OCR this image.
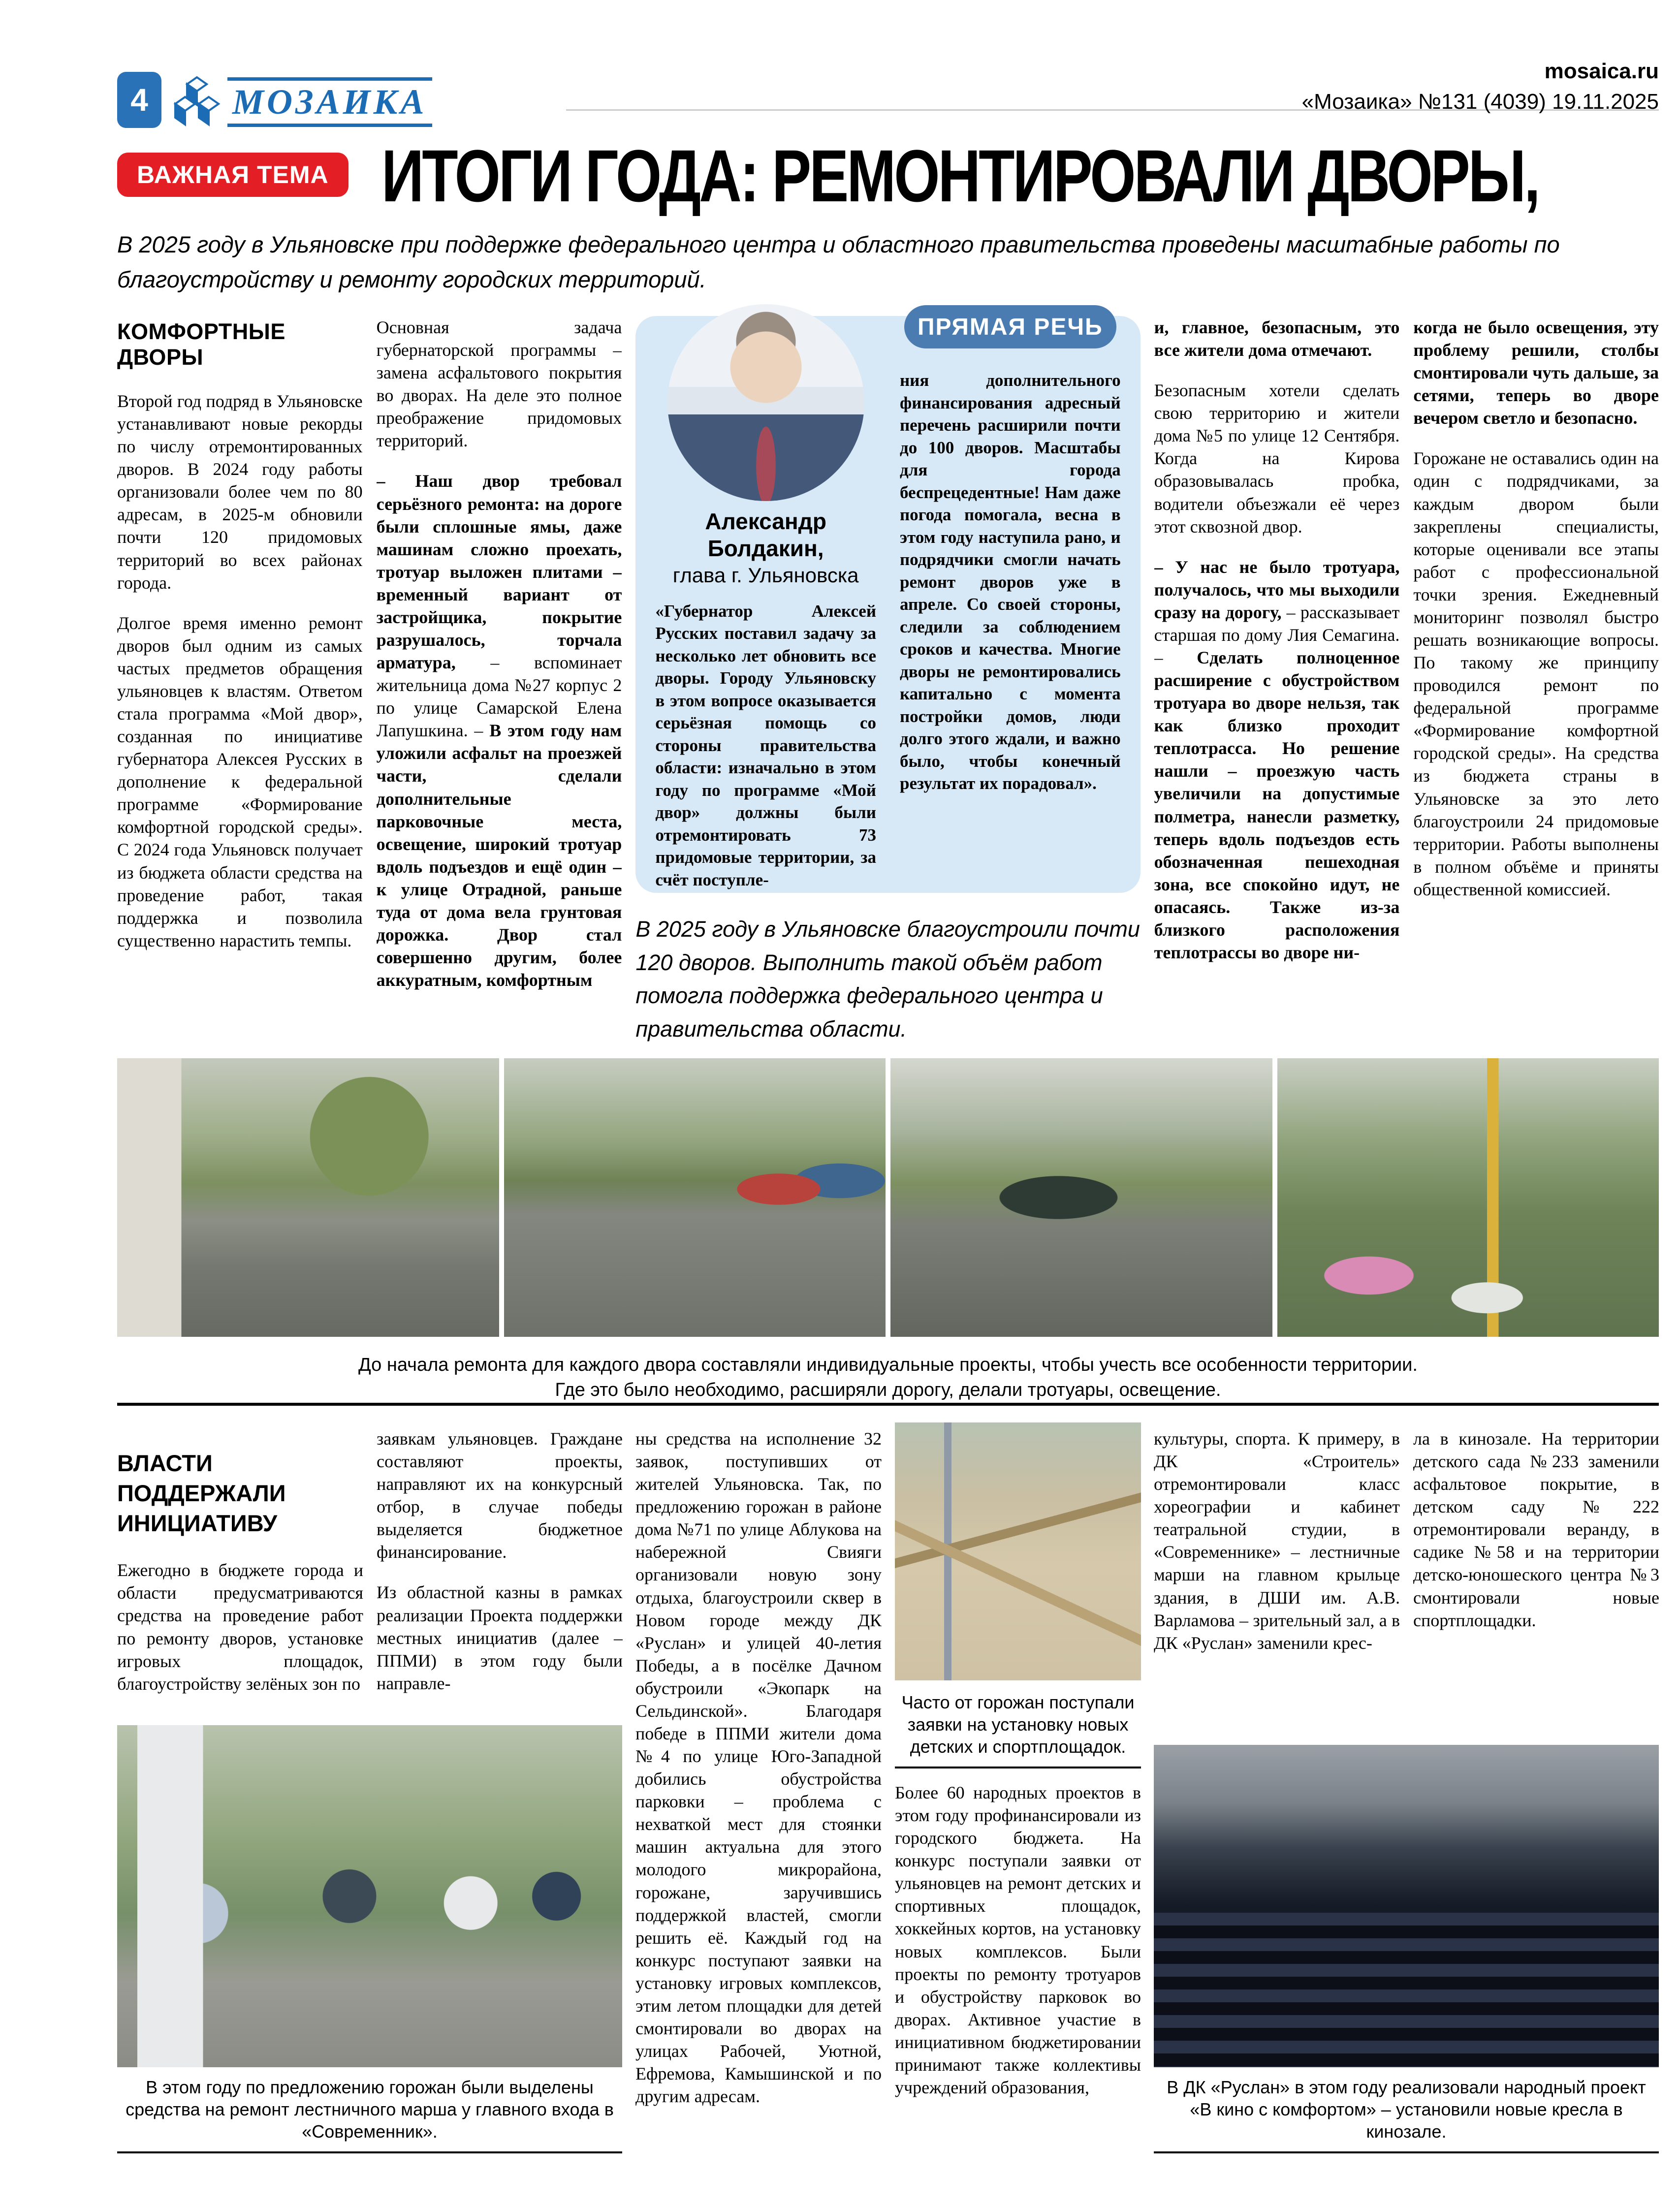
4	МОЗАИКА
mosaica.ru
«Мозаика» №131 (4039) 19.11.2025
ВАЖНАЯ ТЕМА ИТОГИ ГОДА: РЕМОНТИРОВАЛИ ДВОРЫ,
В 2025 году в Ульяновске при поддержке федерального центра и областного правительства проведены масштабные работы по благоустройству и ремонту городских территорий.
КОМФОРТНЫЕ ДВОРЫ

Второй год подряд в Ульяновске устанавливают новые рекорды по числу отремонтированных дворов. В 2024 году работы организовали более чем по 80 адресам, в 2025-м обновили почти 120 придомовых территорий во всех районах города.

Долгое время именно ремонт дворов был одним из самых частых предметов обращения ульяновцев к властям. Ответом стала программа «Мой двор», созданная по инициативе губернатора Алексея Русских в дополнение к федеральной программе «Формирование комфортной городской среды». С 2024 года Ульяновск получает из бюджета области средства на проведение работ, такая поддержка и позволила существенно нарастить темпы.

Основная задача губернаторской программы – замена асфальтового покрытия во дворах. На деле это полное преображение придомовых территорий.

– Наш двор требовал серьёзного ремонта: на дороге были сплошные ямы, даже машинам сложно проехать, тротуар выложен плитами – временный вариант от застройщика, покрытие разрушалось, торчала арматура, – вспоминает жительница дома №27 корпус 2 по улице Самарской Елена Лапушкина. – В этом году нам уложили асфальт на проезжей части, сделали дополнительные парковочные места, освещение, широкий тротуар вдоль подъездов и ещё один – к улице Отрадной, раньше туда от дома вела грунтовая дорожка. Двор стал совершенно другим, более аккуратным, комфортным

Александр Болдакин,
глава г. Ульяновска
«Губернатор Алексей Русских поставил задачу за несколько лет обновить все дворы. Городу Ульяновску в этом вопросе оказывается серьёзная помощь со стороны правительства области: изначально в этом году по программе «Мой двор» должны были отремонтировать 73 придомовые территории, за счёт поступле-
ПРЯМАЯ РЕЧЬ
ния дополнительного финансирования адресный перечень расширили почти до 100 дворов. Масштабы для города беспрецедентные! Нам даже погода помогала, весна в этом году наступила рано, и подрядчики смогли начать ремонт дворов уже в апреле. Со своей стороны, следили за соблюдением сроков и качества. Многие дворы не ремонтировались капитально с момента постройки домов, люди долго этого ждали, и важно было, чтобы конечный результат их порадовал».
В 2025 году в Ульяновске благоустроили почти 120 дворов. Выполнить такой объём работ помогла поддержка федерального центра и правительства области.

и, главное, безопасным, это все жители дома отмечают.

Безопасным хотели сделать свою территорию и жители дома №5 по улице 12 Сентября. Когда на Кирова образовывалась пробка, водители объезжали её через этот сквозной двор.

– У нас не было тротуара, получалось, что мы выходили сразу на дорогу, – рассказывает старшая по дому Лия Семагина. – Сделать полноценное расширение с обустройством тротуара во дворе нельзя, так как близко проходит теплотрасса. Но решение нашли – проезжую часть увеличили на допустимые полметра, нанесли разметку, теперь вдоль подъездов есть обозначенная пешеходная зона, все спокойно идут, не опасаясь. Также из-за близкого расположения теплотрассы во дворе ни-

когда не было освещения, эту проблему решили, столбы смонтировали чуть дальше, за сетями, теперь во дворе вечером светло и безопасно.

Горожане не оставались один на один с подрядчиками, за каждым двором были закреплены специалисты, которые оценивали все этапы работ с профессиональной точки зрения. Ежедневный мониторинг позволял быстро решать возникающие вопросы. По такому же принципу проводился ремонт по федеральной программе «Формирование комфортной городской среды». На средства из бюджета страны в Ульяновске за это лето благоустроили 24 придомовые территории. Работы выполнены в полном объёме и приняты общественной комиссией.

До начала ремонта для каждого двора составляли индивидуальные проекты, чтобы учесть все особенности территории.
Где это было необходимо, расширяли дорогу, делали тротуары, освещение.
ВЛАСТИ ПОДДЕРЖАЛИ ИНИЦИАТИВУ

Ежегодно в бюджете города и области предусматриваются средства на проведение работ по ремонту дворов, установке игровых площадок, благоустройству зелёных зон по

заявкам ульяновцев. Граждане составляют проекты, направляют их на конкурсный отбор, в случае победы выделяется бюджетное финансирование.

Из областной казны в рамках реализации Проекта поддержки местных инициатив (далее – ППМИ) в этом году были направле-

ны средства на исполнение 32 заявок, поступивших от жителей Ульяновска. Так, по предложению горожан в районе дома №71 по улице Аблукова на набережной Свияги организовали новую зону отдыха, благоустроили сквер в Новом городе между ДК «Руслан» и улицей 40-летия Победы, а в посёлке Дачном обустроили «Экопарк на Сельдинской». Благодаря победе в ППМИ жители дома №4 по улице Юго-Западной добились обустройства парковки – проблема с нехваткой мест для стоянки машин актуальна для этого молодого микрорайона, горожане, заручившись поддержкой властей, смогли решить её. Каждый год на конкурс поступают заявки на установку игровых комплексов, этим летом площадки для детей смонтировали во дворах на улицах Рабочей, Уютной, Ефремова, Камышинской и по другим адресам.

Часто от горожан поступали заявки на установку новых детских и спортплощадок.

Более 60 народных проектов в этом году профинансировали из городского бюджета. На конкурс поступали заявки от ульяновцев на ремонт детских и спортивных площадок, хоккейных кортов, на установку новых комплексов. Были проекты по ремонту тротуаров и обустройству парковок во дворах. Активное участие в инициативном бюджетировании принимают также коллективы учреждений образования,

культуры, спорта. К примеру, в ДК «Строитель» отремонтировали класс хореографии и кабинет театральной студии, в «Современнике» – лестничные марши на главном крыльце здания, в ДШИ им. А.В. Варламова – зрительный зал, а в ДК «Руслан» заменили крес-

ла в кинозале. На территории детского сада №233 заменили асфальтовое покрытие, в детском саду №222 отремонтировали веранду, в садике №58 и на территории детско-юношеского центра №3 смонтировали новые спортплощадки.

В этом году по предложению горожан были выделены средства на ремонт лестничного марша у главного входа в «Современник».
В ДК «Руслан» в этом году реализовали народный проект «В кино с комфортом» – установили новые кресла в кинозале.
